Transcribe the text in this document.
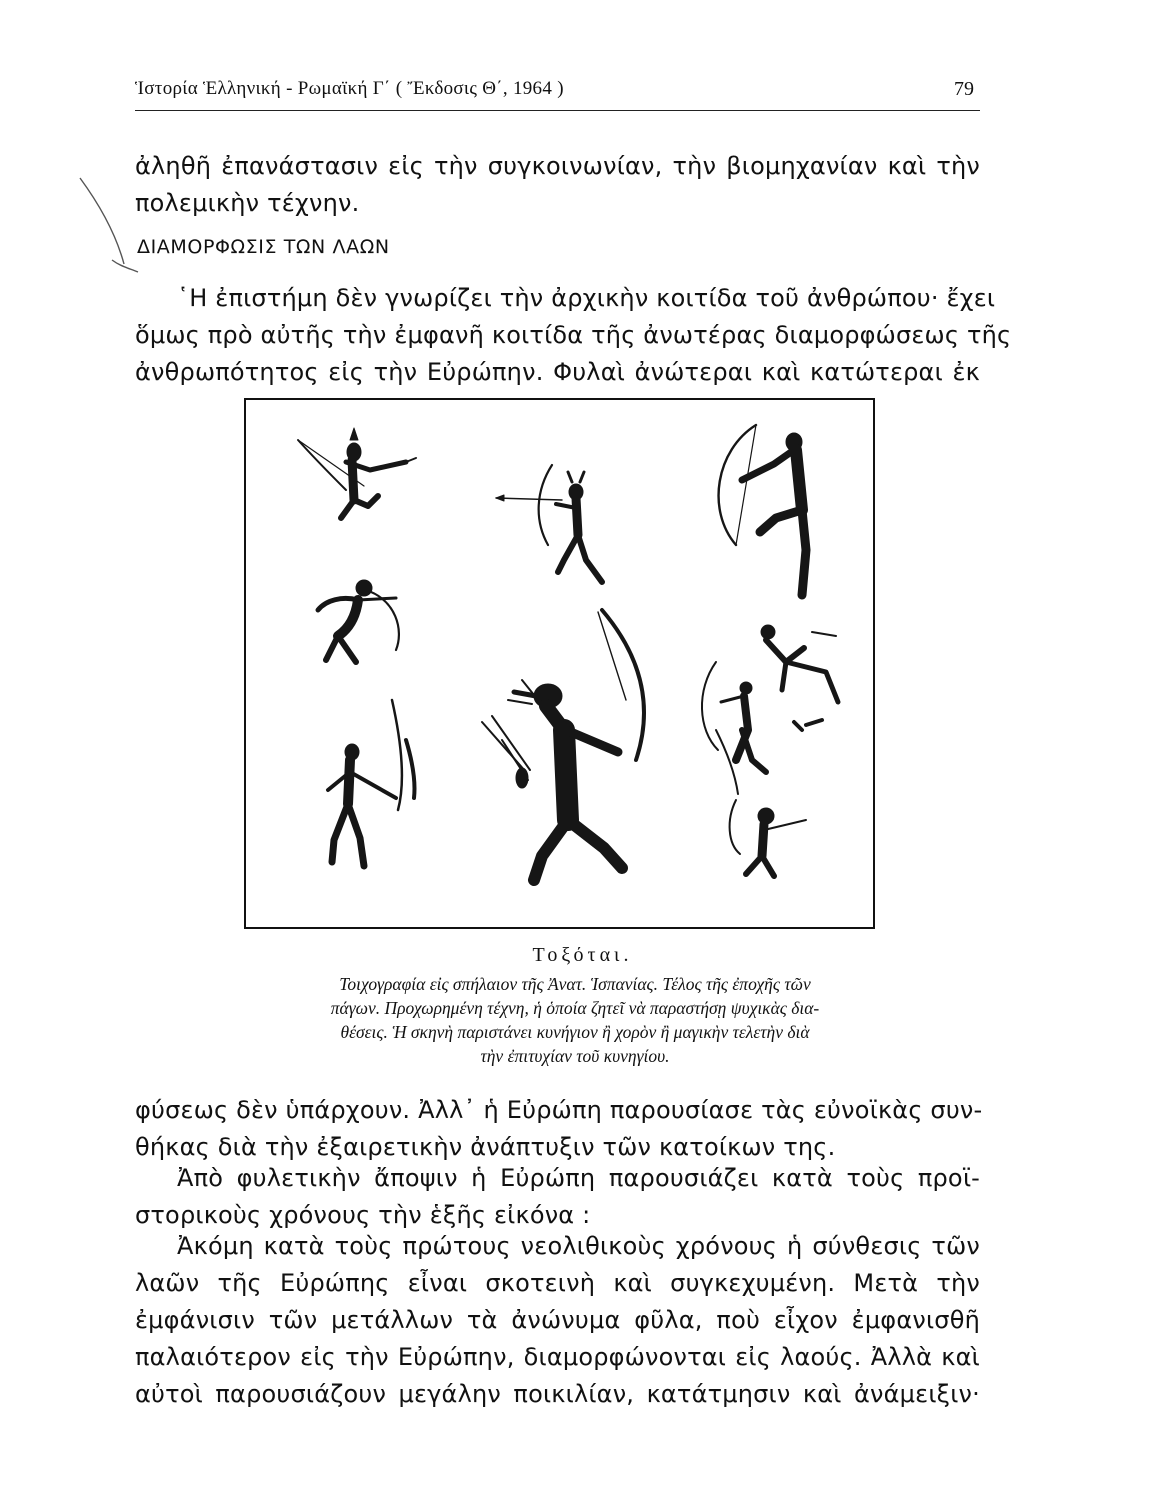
Ἱστορία Ἑλληνική - Ρωμαϊκή Γ΄ ( Ἔκδοσις Θ΄, 1964 )	79

ἀληθῆ ἐπανάστασιν εἰς τὴν συγκοινωνίαν, τὴν βιομηχανίαν καὶ τὴν
πολεμικὴν τέχνην.

ΔΙΑΜΟΡΦΩΣΙΣ ΤΩΝ ΛΑΩΝ

῾Η ἐπιστήμη δὲν γνωρίζει τὴν ἀρχικὴν κοιτίδα τοῦ ἀνθρώπου· ἔχει
ὅμως πρὸ αὐτῆς τὴν ἐμφανῆ κοιτίδα τῆς ἀνωτέρας διαμορφώσεως τῆς
ἀνθρωπότητος εἰς τὴν Εὐρώπην. Φυλαὶ ἀνώτεραι καὶ κατώτεραι ἐκ

Τοξόται.
Τοιχογραφία εἰς σπήλαιον τῆς Ἀνατ. Ἱσπανίας. Τέλος τῆς ἐποχῆς τῶν
πάγων. Προχωρημένη τέχνη, ἡ ὁποία ζητεῖ νὰ παραστήσῃ ψυχικὰς δια-
θέσεις. Ἡ σκηνὴ παριστάνει κυνήγιον ἢ χορὸν ἢ μαγικὴν τελετὴν διὰ
τὴν ἐπιτυχίαν τοῦ κυνηγίου.

φύσεως δὲν ὑπάρχουν. Ἀλλ᾿ ἡ Εὐρώπη παρουσίασε τὰς εὐνοϊκὰς συν-
θήκας διὰ τὴν ἐξαιρετικὴν ἀνάπτυξιν τῶν κατοίκων της.

Ἀπὸ φυλετικὴν ἄποψιν ἡ Εὐρώπη παρουσιάζει κατὰ τοὺς προϊ-
στορικοὺς χρόνους τὴν ἑξῆς εἰκόνα :

Ἀκόμη κατὰ τοὺς πρώτους νεολιθικοὺς χρόνους ἡ σύνθεσις τῶν
λαῶν τῆς Εὐρώπης εἶναι σκοτεινὴ καὶ συγκεχυμένη. Μετὰ τὴν
ἐμφάνισιν τῶν μετάλλων τὰ ἀνώνυμα φῦλα, ποὺ εἶχον ἐμφανισθῆ
παλαιότερον εἰς τὴν Εὐρώπην, διαμορφώνονται εἰς λαούς. Ἀλλὰ καὶ
αὐτοὶ παρουσιάζουν μεγάλην ποικιλίαν, κατάτμησιν καὶ ἀνάμειξιν·
